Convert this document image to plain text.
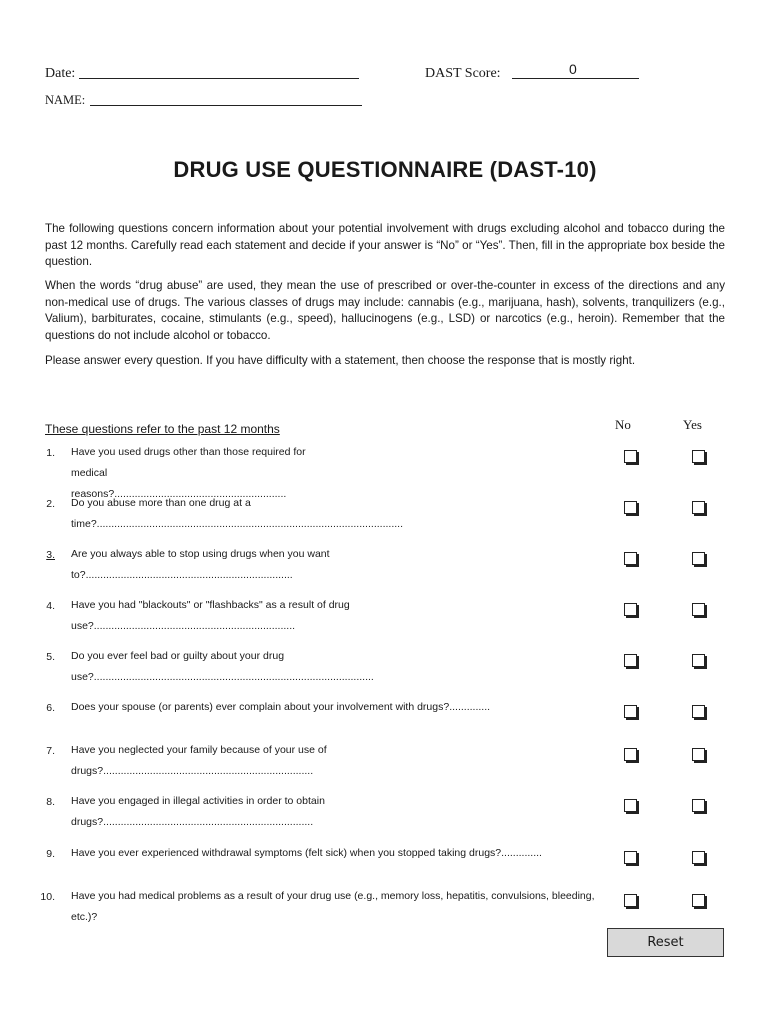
Date:	DAST Score:	0
NAME:
DRUG USE QUESTIONNAIRE (DAST-10)
The following questions concern information about your potential involvement with drugs excluding alcohol and tobacco during the past 12 months. Carefully read each statement and decide if your answer is “No” or “Yes”. Then, fill in the appropriate box beside the question.
When the words “drug abuse” are used, they mean the use of prescribed or over-the-counter in excess of the directions and any non-medical use of drugs. The various classes of drugs may include: cannabis (e.g., marijuana, hash), solvents, tranquilizers (e.g., Valium), barbiturates, cocaine, stimulants (e.g., speed), hallucinogens (e.g., LSD) or narcotics (e.g., heroin). Remember that the questions do not include alcohol or tobacco.
Please answer every question. If you have difficulty with a statement, then choose the response that is mostly right.
These questions refer to the past 12 months	No	Yes
1. Have you used drugs other than those required for medical reasons?...........................................................
2. Do you abuse more than one drug at a time?.........................................................................................................
3. Are you always able to stop using drugs when you want to?.......................................................................
4. Have you had "blackouts" or "flashbacks" as a result of drug use?.....................................................................
5. Do you ever feel bad or guilty about your drug use?................................................................................................
6. Does your spouse (or parents) ever complain about your involvement with drugs?..............
7. Have you neglected your family because of your use of drugs?........................................................................
8. Have you engaged in illegal activities in order to obtain drugs?........................................................................
9. Have you ever experienced withdrawal symptoms (felt sick) when you stopped taking drugs?..............
10. Have you had medical problems as a result of your drug use (e.g., memory loss, hepatitis, convulsions, bleeding, etc.)?
Reset
